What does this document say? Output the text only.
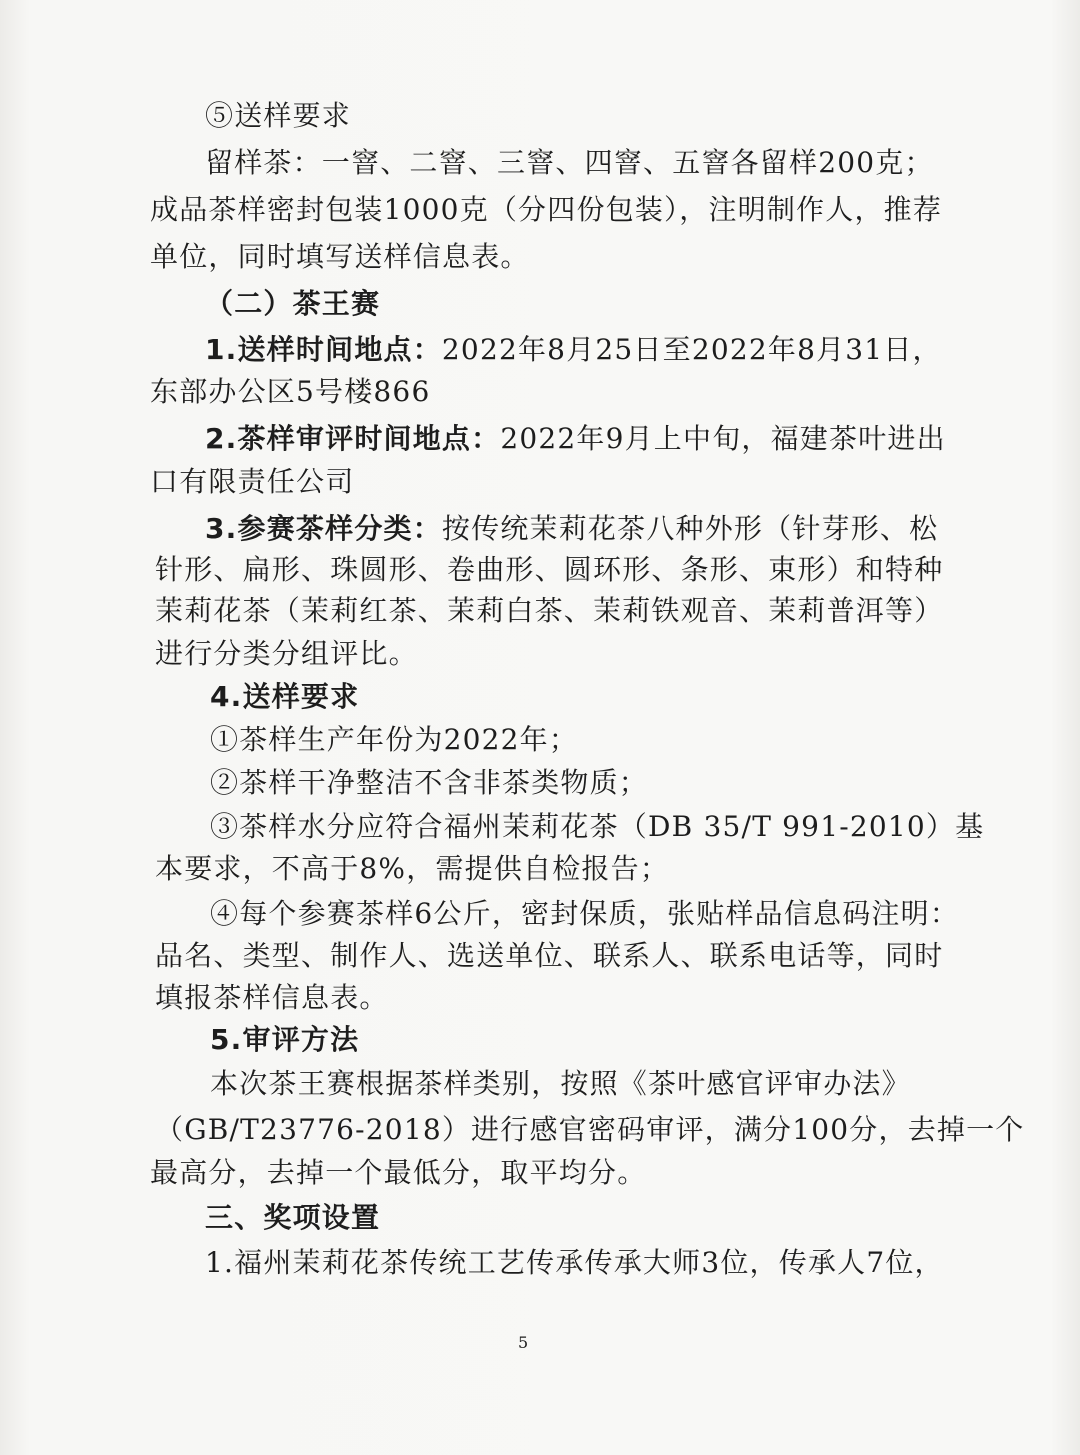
⑤送样要求
留样茶：一窨、二窨、三窨、四窨、五窨各留样200克；
成品茶样密封包装1000克（分四份包装），注明制作人，推荐
单位，同时填写送样信息表。
（二）茶王赛
1.送样时间地点：2022年8月25日至2022年8月31日，
东部办公区5号楼866
2.茶样审评时间地点：2022年9月上中旬，福建茶叶进出
口有限责任公司
3.参赛茶样分类：按传统茉莉花茶八种外形（针芽形、松
针形、扁形、珠圆形、卷曲形、圆环形、条形、束形）和特种
茉莉花茶（茉莉红茶、茉莉白茶、茉莉铁观音、茉莉普洱等）
进行分类分组评比。
4.送样要求
①茶样生产年份为2022年；
②茶样干净整洁不含非茶类物质；
③茶样水分应符合福州茉莉花茶（DB 35/T 991-2010）基
本要求，不高于8%，需提供自检报告；
④每个参赛茶样6公斤，密封保质，张贴样品信息码注明：
品名、类型、制作人、选送单位、联系人、联系电话等，同时
填报茶样信息表。
5.审评方法
本次茶王赛根据茶样类别，按照《茶叶感官评审办法》
（GB/T23776-2018）进行感官密码审评，满分100分，去掉一个
最高分，去掉一个最低分，取平均分。
三、奖项设置
1.福州茉莉花茶传统工艺传承传承大师3位，传承人7位，
5
